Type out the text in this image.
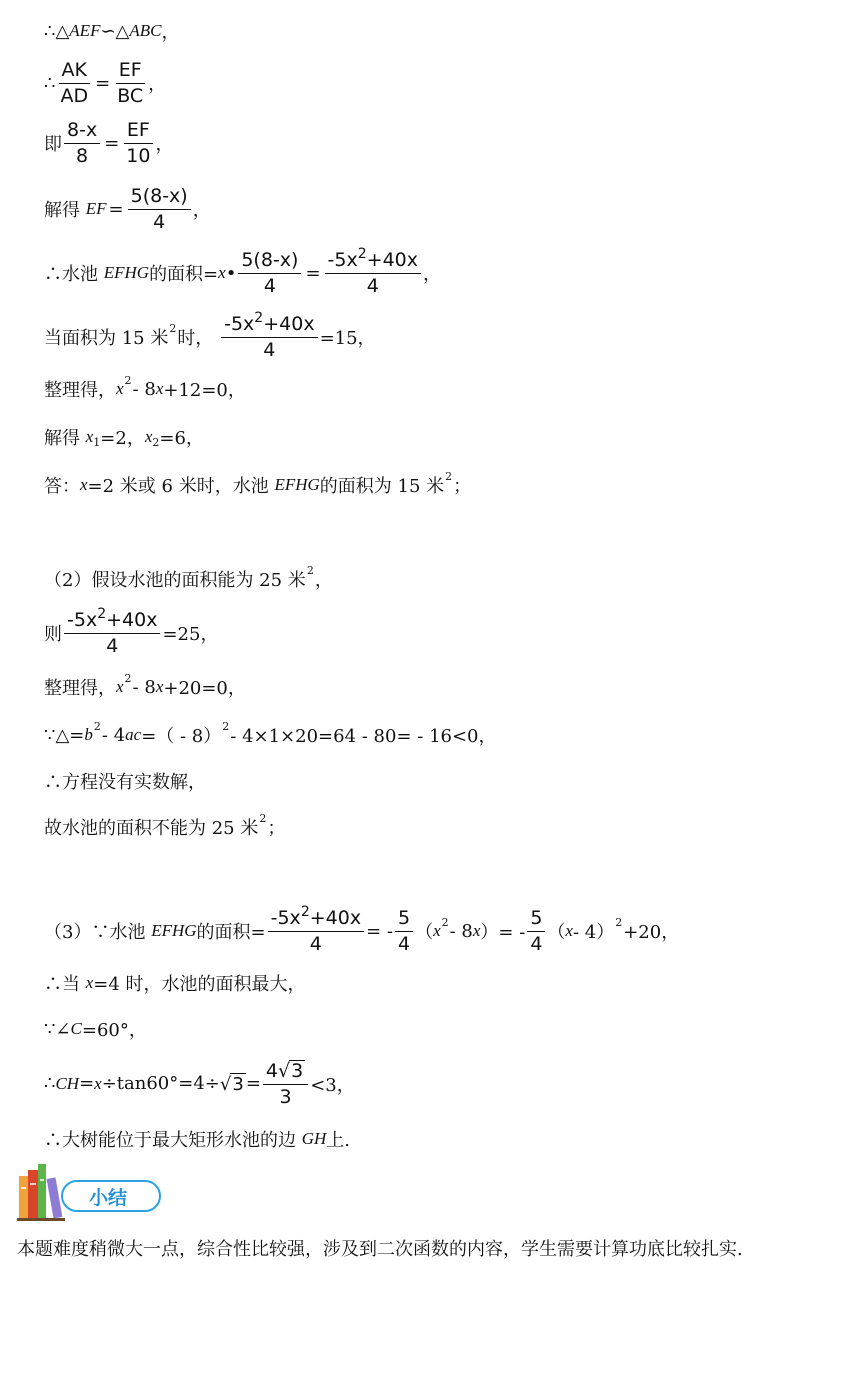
∴△ AEF ∽△ ABC ，
∴ $\frac{AK}{AD} = \frac{EF}{BC}$ ，
即 $\frac{8-x}{8} = \frac{EF}{10}$ ，
解得
EF = $\frac{5(8-x)}{4}$ ，
∴水池
EFHG 的面积= x • $\frac{5(8-x)}{4} = \frac{-5x^2+40x}{4}$ ，
当面积为 15 米 2 时，
$\frac{-5x^2+40x}{4} =15$，
整理得， x 2 - 8 x +12=0，
解得
x 1 =2， x 2 =6，
答： x =2 米或 6 米时，水池
EFHG 的面积为 15 米 2 ；
（2）假设水池的面积能为 25 米 2 ，
则 $\frac{-5x^2+40x}{4} =25$，
整理得， x 2 - 8 x +20=0，
∵△= b 2 - 4 ac =（ - 8） 2 - 4×1×20=64 - 80= - 16<0，
∴方程没有实数解，
故水池的面积不能为 25 米 2 ；
（3）∵水池
EFHG 的面积= $\frac{-5x^2+40x}{4}$ = - $\frac{5}{4}$ （ x 2 - 8 x ）= - $\frac{5}{4}$ （ x - 4） 2 +20，
∴当
x =4 时，水池的面积最大，
∵∠ C =60°，
∴ CH = x ÷tan60°=4÷ √ $3 = \frac{4√ 3}{3} <3$，
∴大树能位于最大矩形水池的边
GH 上.
小结
本题难度稍微大一点，综合性比较强，涉及到二次函数的内容，学生需要计算功底比较扎实.
